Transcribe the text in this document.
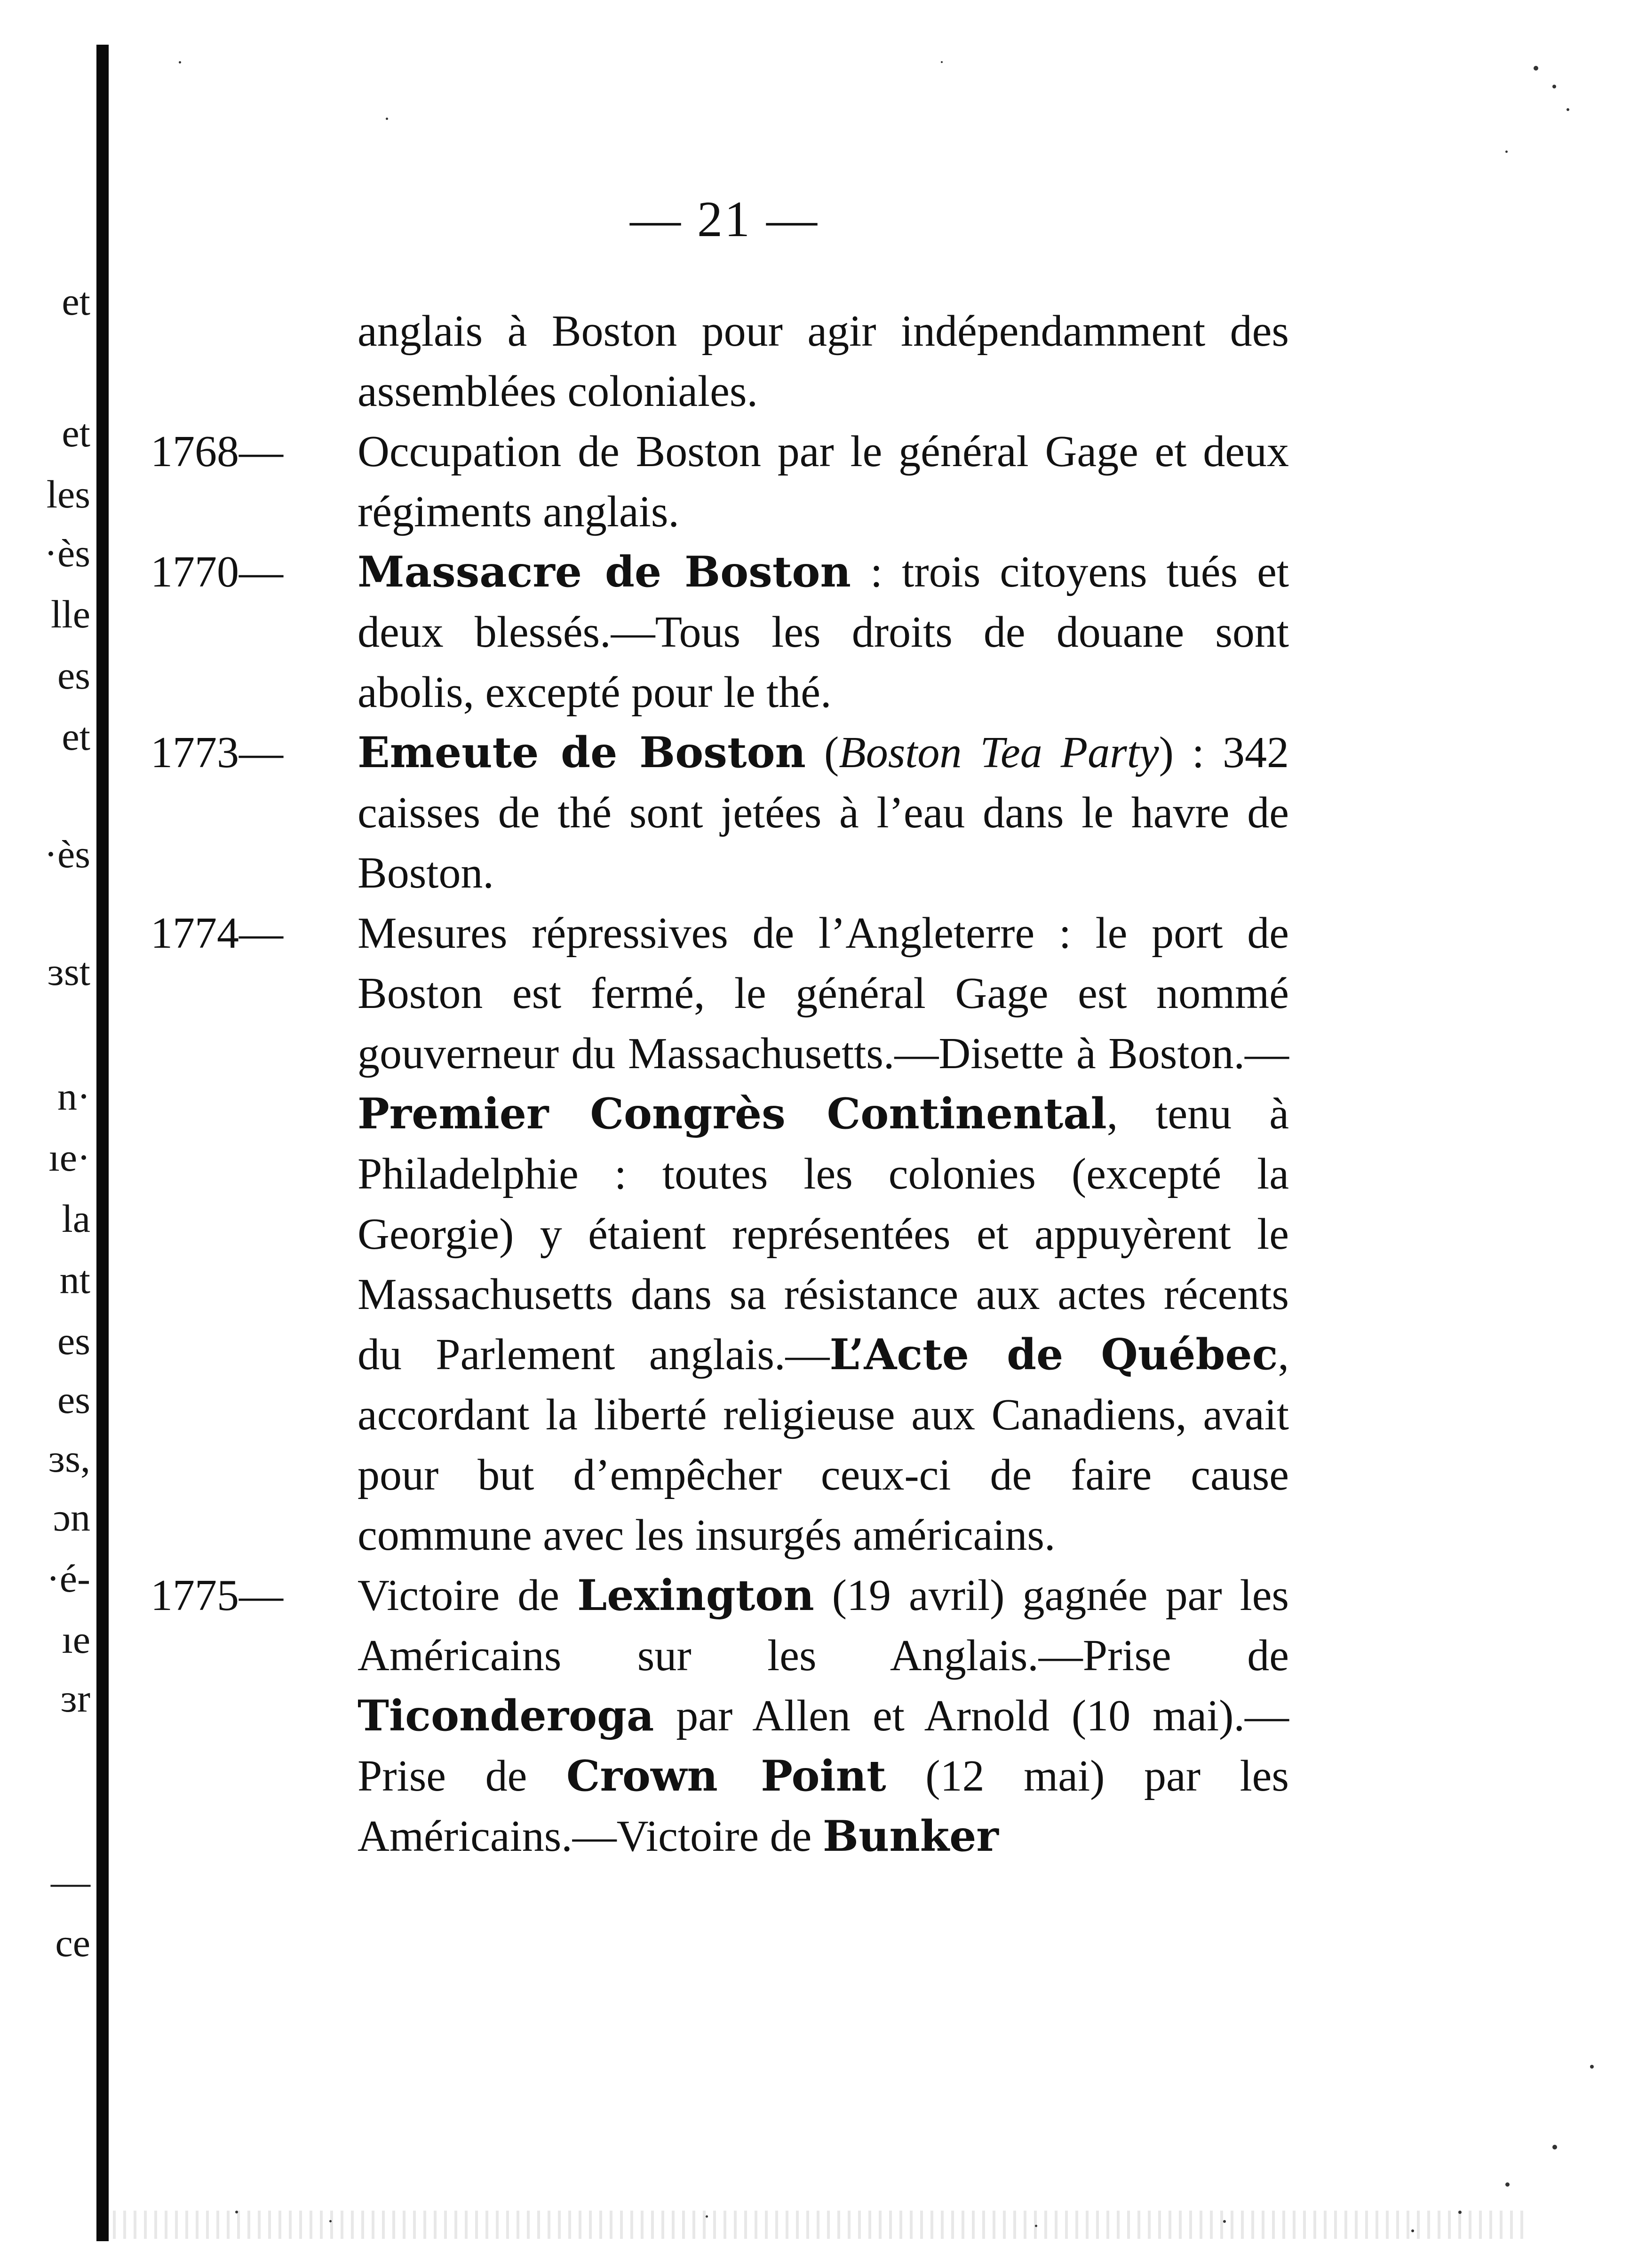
et
et
les
·ès
lle
es
et
·ès
ɜst
n·
ıe·
la
nt
es
es
ɜs,
ɔn
·é-
ıe
ɜr
—
ce
— 21 —

anglais à Boston pour agir indépendamment des assemblées coloniales.

1768— Occupation de Boston par le général Gage et deux régiments anglais.

1770— Massacre de Boston : trois citoyens tués et deux blessés.—Tous les droits de douane sont abolis, excepté pour le thé.

1773— Emeute de Boston (Boston Tea Party) : 342 caisses de thé sont jetées à l’eau dans le havre de Boston.

1774— Mesures répressives de l’Angleterre : le port de Boston est fermé, le général Gage est nommé gouverneur du Massachusetts.—Disette à Boston.—Premier Congrès Continental, tenu à Philadelphie : toutes les colonies (excepté la Georgie) y étaient représentées et appuyèrent le Massachusetts dans sa résistance aux actes récents du Parlement anglais.—L’Acte de Québec, accordant la liberté religieuse aux Canadiens, avait pour but d’empêcher ceux-ci de faire cause commune avec les insurgés américains.

1775— Victoire de Lexington (19 avril) gagnée par les Américains sur les Anglais.—Prise de Ticonderoga par Allen et Arnold (10 mai).—Prise de Crown Point (12 mai) par les Américains.—Victoire de Bunker
